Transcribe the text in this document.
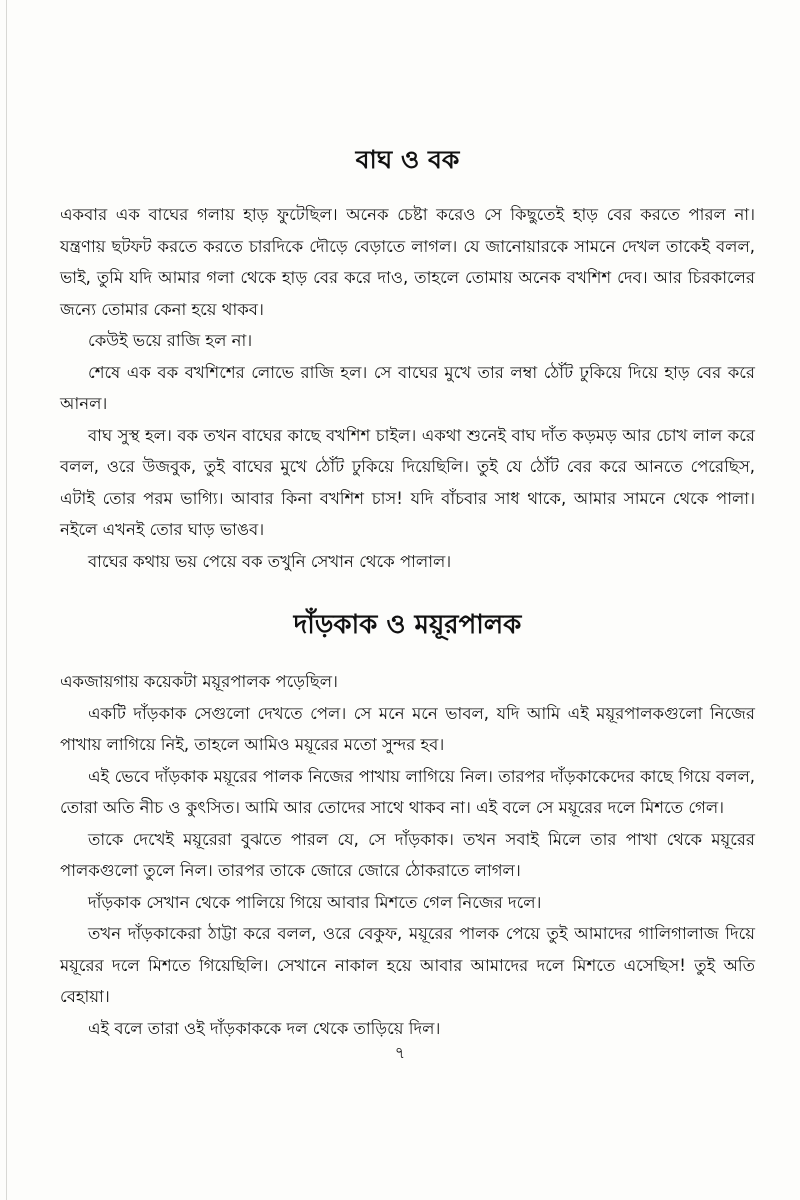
বাঘ ও বক

একবার এক বাঘের গলায় হাড় ফুটেছিল। অনেক চেষ্টা করেও সে কিছুতেই হাড় বের করতে পারল না। যন্ত্রণায় ছটফট করতে করতে চারদিকে দৌড়ে বেড়াতে লাগল। যে জানোয়ারকে সামনে দেখল তাকেই বলল, ভাই, তুমি যদি আমার গলা থেকে হাড় বের করে দাও, তাহলে তোমায় অনেক বখশিশ দেব। আর চিরকালের জন্যে তোমার কেনা হয়ে থাকব।

কেউই ভয়ে রাজি হল না।

শেষে এক বক বখশিশের লোভে রাজি হল। সে বাঘের মুখে তার লম্বা ঠোঁট ঢুকিয়ে দিয়ে হাড় বের করে আনল।

বাঘ সুস্থ হল। বক তখন বাঘের কাছে বখশিশ চাইল। একথা শুনেই বাঘ দাঁত কড়মড় আর চোখ লাল করে বলল, ওরে উজবুক, তুই বাঘের মুখে ঠোঁট ঢুকিয়ে দিয়েছিলি। তুই যে ঠোঁট বের করে আনতে পেরেছিস, এটাই তোর পরম ভাগ্যি। আবার কিনা বখশিশ চাস! যদি বাঁচবার সাধ থাকে, আমার সামনে থেকে পালা। নইলে এখনই তোর ঘাড় ভাঙব।

বাঘের কথায় ভয় পেয়ে বক তখুনি সেখান থেকে পালাল।

দাঁড়কাক ও ময়ূরপালক

একজায়গায় কয়েকটা ময়ূরপালক পড়েছিল।

একটি দাঁড়কাক সেগুলো দেখতে পেল। সে মনে মনে ভাবল, যদি আমি এই ময়ূরপালকগুলো নিজের পাখায় লাগিয়ে নিই, তাহলে আমিও ময়ূরের মতো সুন্দর হব।

এই ভেবে দাঁড়কাক ময়ূরের পালক নিজের পাখায় লাগিয়ে নিল। তারপর দাঁড়কাকেদের কাছে গিয়ে বলল, তোরা অতি নীচ ও কুৎসিত। আমি আর তোদের সাথে থাকব না। এই বলে সে ময়ূরের দলে মিশতে গেল।

তাকে দেখেই ময়ূরেরা বুঝতে পারল যে, সে দাঁড়কাক। তখন সবাই মিলে তার পাখা থেকে ময়ূরের পালকগুলো তুলে নিল। তারপর তাকে জোরে জোরে ঠোকরাতে লাগল।

দাঁড়কাক সেখান থেকে পালিয়ে গিয়ে আবার মিশতে গেল নিজের দলে।

তখন দাঁড়কাকেরা ঠাট্টা করে বলল, ওরে বেকুফ, ময়ূরের পালক পেয়ে তুই আমাদের গালিগালাজ দিয়ে ময়ূরের দলে মিশতে গিয়েছিলি। সেখানে নাকাল হয়ে আবার আমাদের দলে মিশতে এসেছিস! তুই অতি বেহায়া।

এই বলে তারা ওই দাঁড়কাককে দল থেকে তাড়িয়ে দিল।

৭
